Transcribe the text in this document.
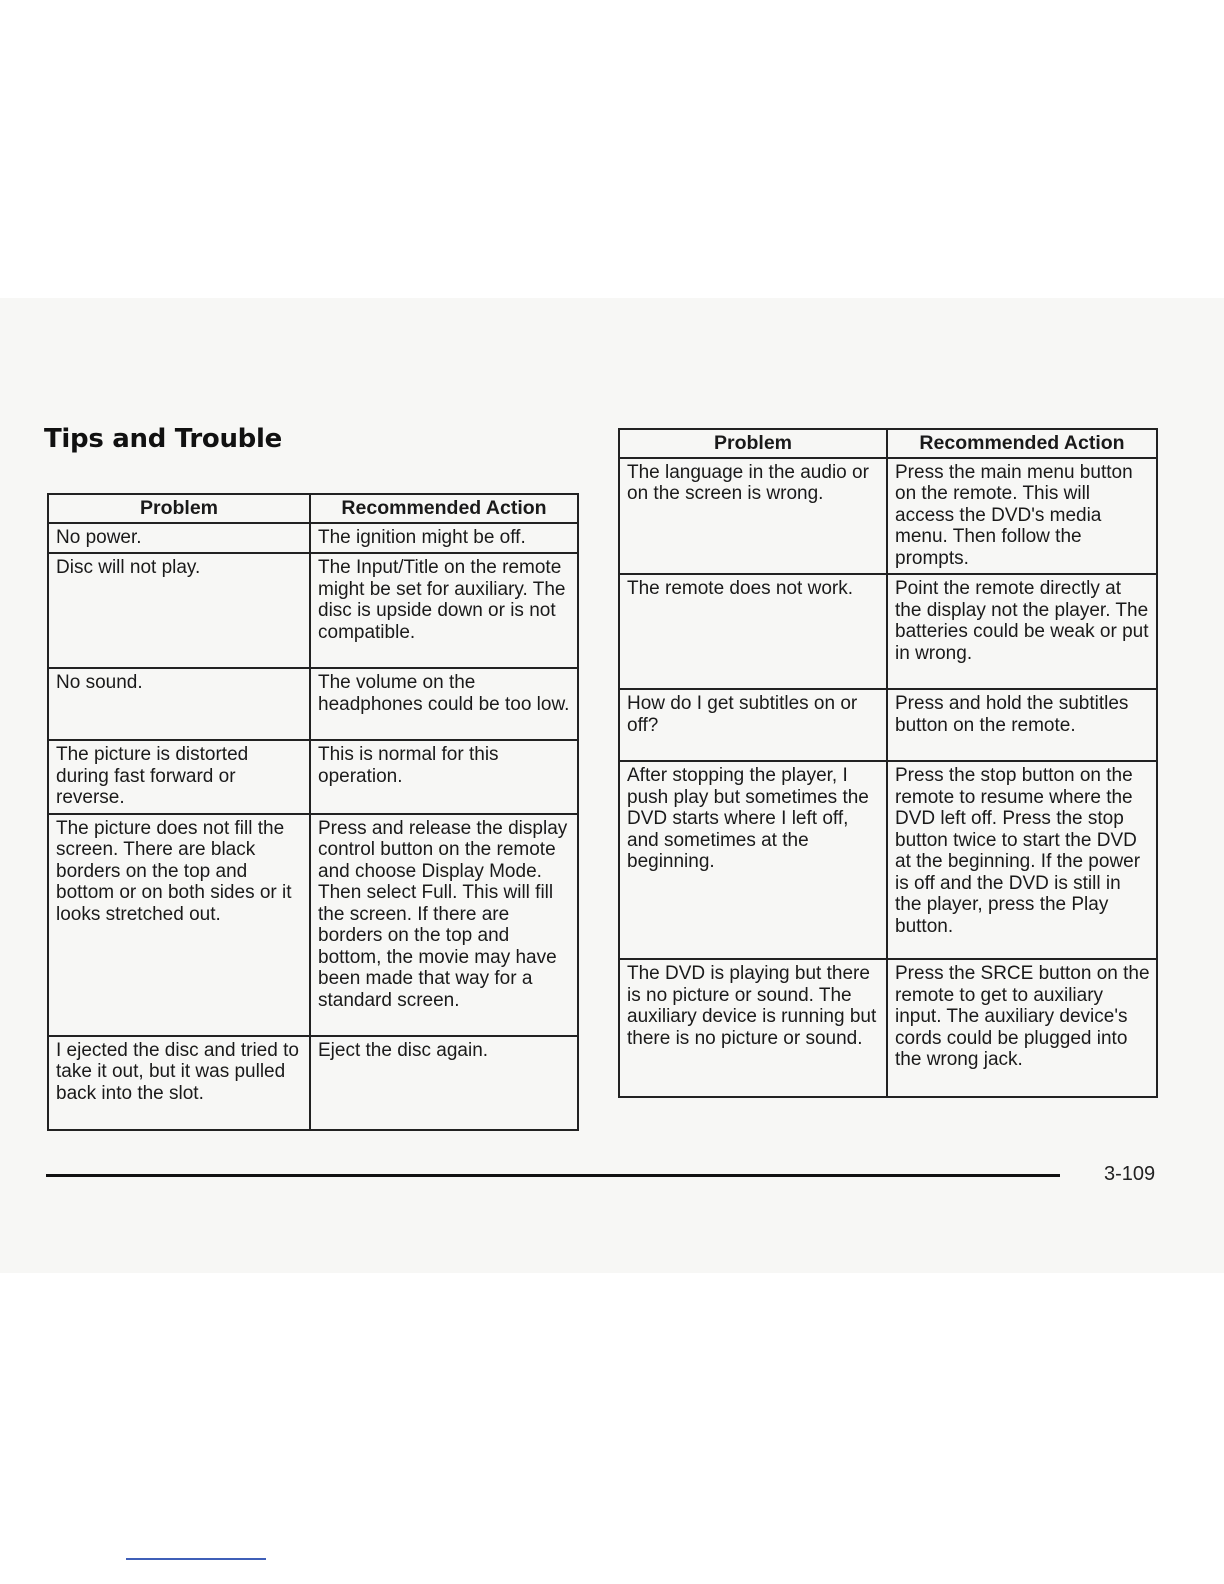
Tips and Trouble
Problem	Recommended Action
No power.	The ignition might be off.
Disc will not play.	The Input/Title on the remote might be set for auxiliary. The disc is upside down or is not compatible.
No sound.	The volume on the headphones could be too low.
The picture is distorted during fast forward or reverse.	This is normal for this operation.
The picture does not fill the screen. There are black borders on the top and bottom or on both sides or it looks stretched out.	Press and release the display control button on the remote and choose Display Mode. Then select Full. This will fill the screen. If there are borders on the top and bottom, the movie may have been made that way for a standard screen.
I ejected the disc and tried to take it out, but it was pulled back into the slot.	Eject the disc again.
Problem	Recommended Action
The language in the audio or on the screen is wrong.	Press the main menu button on the remote. This will access the DVD's media menu. Then follow the prompts.
The remote does not work.	Point the remote directly at the display not the player. The batteries could be weak or put in wrong.
How do I get subtitles on or off?	Press and hold the subtitles button on the remote.
After stopping the player, I push play but sometimes the DVD starts where I left off, and sometimes at the beginning.	Press the stop button on the remote to resume where the DVD left off. Press the stop button twice to start the DVD at the beginning. If the power is off and the DVD is still in the player, press the Play button.
The DVD is playing but there is no picture or sound. The auxiliary device is running but there is no picture or sound.	Press the SRCE button on the remote to get to auxiliary input. The auxiliary device's cords could be plugged into the wrong jack.
3-109
